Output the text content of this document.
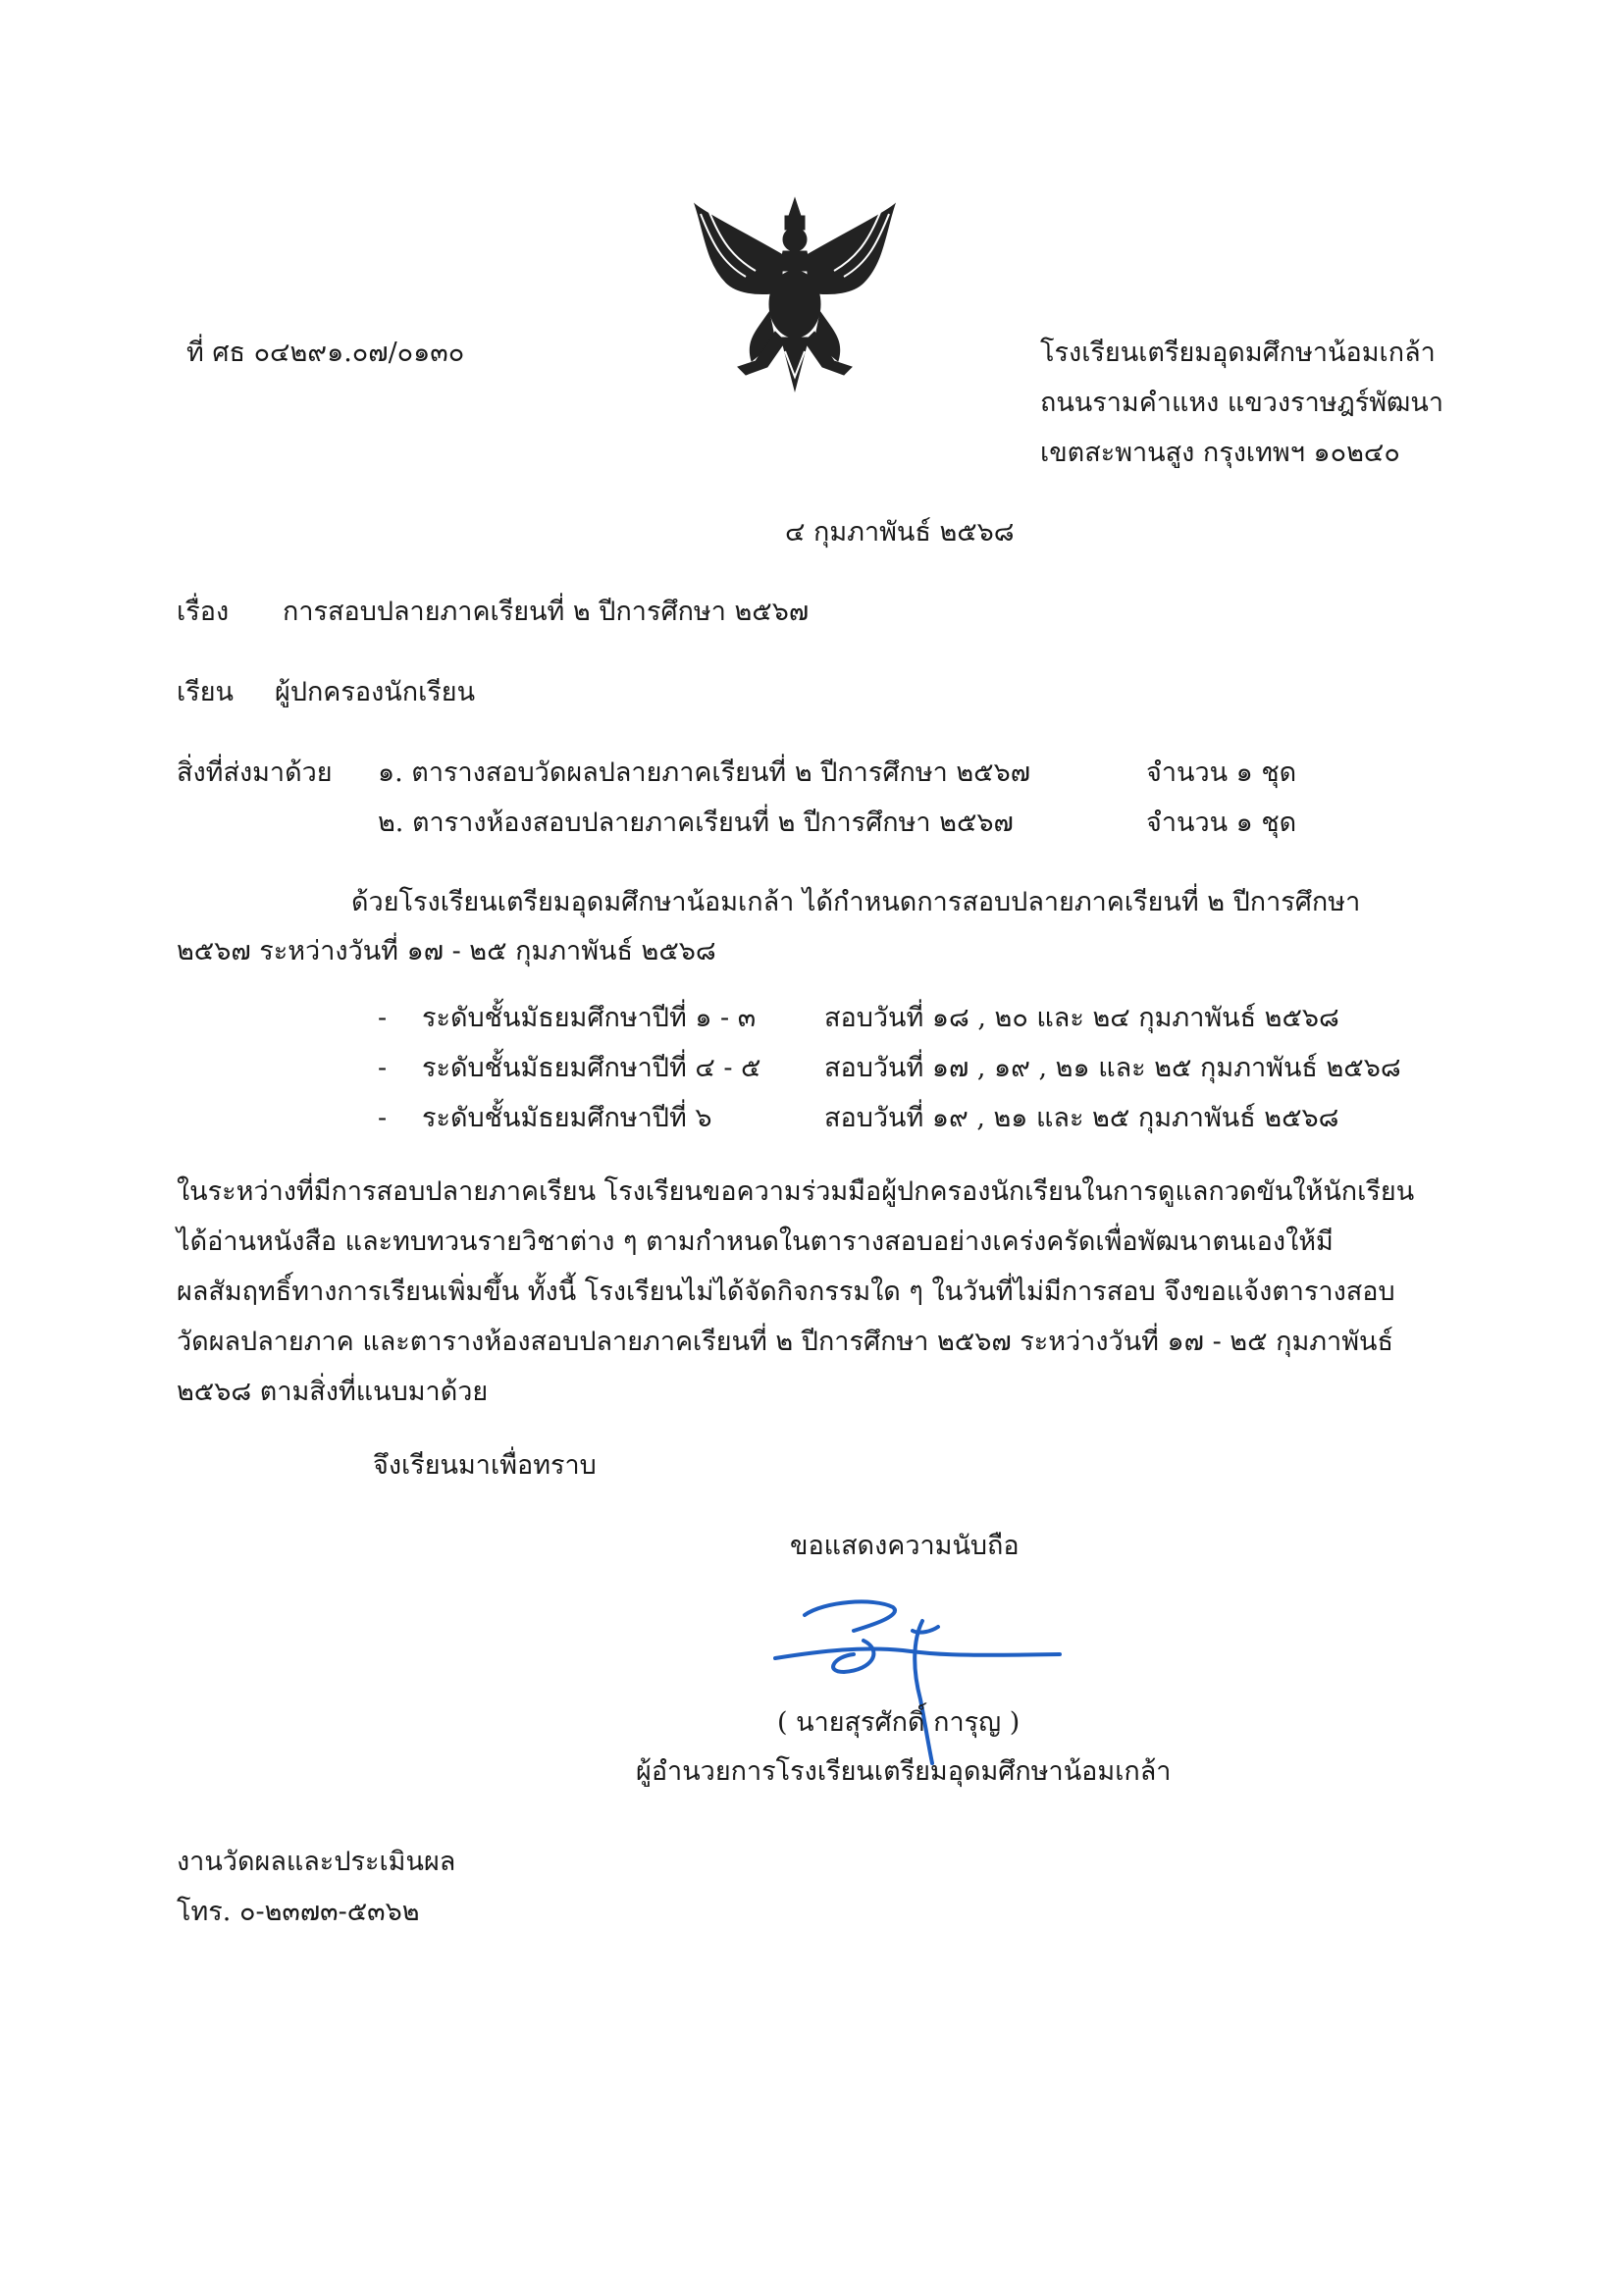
ที่ ศธ ๐๔๒๙๑.๐๗/๐๑๓๐	โรงเรียนเตรียมอุดมศึกษาน้อมเกล้า
ถนนรามคำแหง แขวงราษฎร์พัฒนา
เขตสะพานสูง กรุงเทพฯ ๑๐๒๔๐
๔ กุมภาพันธ์ ๒๕๖๘
เรื่อง การสอบปลายภาคเรียนที่ ๒ ปีการศึกษา ๒๕๖๗
เรียน ผู้ปกครองนักเรียน
สิ่งที่ส่งมาด้วย ๑. ตารางสอบวัดผลปลายภาคเรียนที่ ๒ ปีการศึกษา ๒๕๖๗	จำนวน ๑ ชุด
๒. ตารางห้องสอบปลายภาคเรียนที่ ๒ ปีการศึกษา ๒๕๖๗	จำนวน ๑ ชุด
ด้วยโรงเรียนเตรียมอุดมศึกษาน้อมเกล้า ได้กำหนดการสอบปลายภาคเรียนที่ ๒ ปีการศึกษา
๒๕๖๗ ระหว่างวันที่ ๑๗ - ๒๕ กุมภาพันธ์ ๒๕๖๘
- ระดับชั้นมัธยมศึกษาปีที่ ๑ - ๓	สอบวันที่ ๑๘ , ๒๐ และ ๒๔ กุมภาพันธ์ ๒๕๖๘
- ระดับชั้นมัธยมศึกษาปีที่ ๔ - ๕ สอบวันที่ ๑๗ , ๑๙ , ๒๑ และ ๒๕ กุมภาพันธ์ ๒๕๖๘
- ระดับชั้นมัธยมศึกษาปีที่ ๖	สอบวันที่ ๑๙ , ๒๑ และ ๒๕ กุมภาพันธ์ ๒๕๖๘
ในระหว่างที่มีการสอบปลายภาคเรียน โรงเรียนขอความร่วมมือผู้ปกครองนักเรียนในการดูแลกวดขันให้นักเรียน
ได้อ่านหนังสือ และทบทวนรายวิชาต่าง ๆ ตามกำหนดในตารางสอบอย่างเคร่งครัดเพื่อพัฒนาตนเองให้มี
ผลสัมฤทธิ์ทางการเรียนเพิ่มขึ้น ทั้งนี้ โรงเรียนไม่ได้จัดกิจกรรมใด ๆ ในวันที่ไม่มีการสอบ จึงขอแจ้งตารางสอบ
วัดผลปลายภาค และตารางห้องสอบปลายภาคเรียนที่ ๒ ปีการศึกษา ๒๕๖๗ ระหว่างวันที่ ๑๗ - ๒๕ กุมภาพันธ์
๒๕๖๘ ตามสิ่งที่แนบมาด้วย
จึงเรียนมาเพื่อทราบ
ขอแสดงความนับถือ
( นายสุรศักดิ์ การุญ )
ผู้อำนวยการโรงเรียนเตรียมอุดมศึกษาน้อมเกล้า
งานวัดผลและประเมินผล
โทร. ๐-๒๓๗๓-๕๓๖๒
